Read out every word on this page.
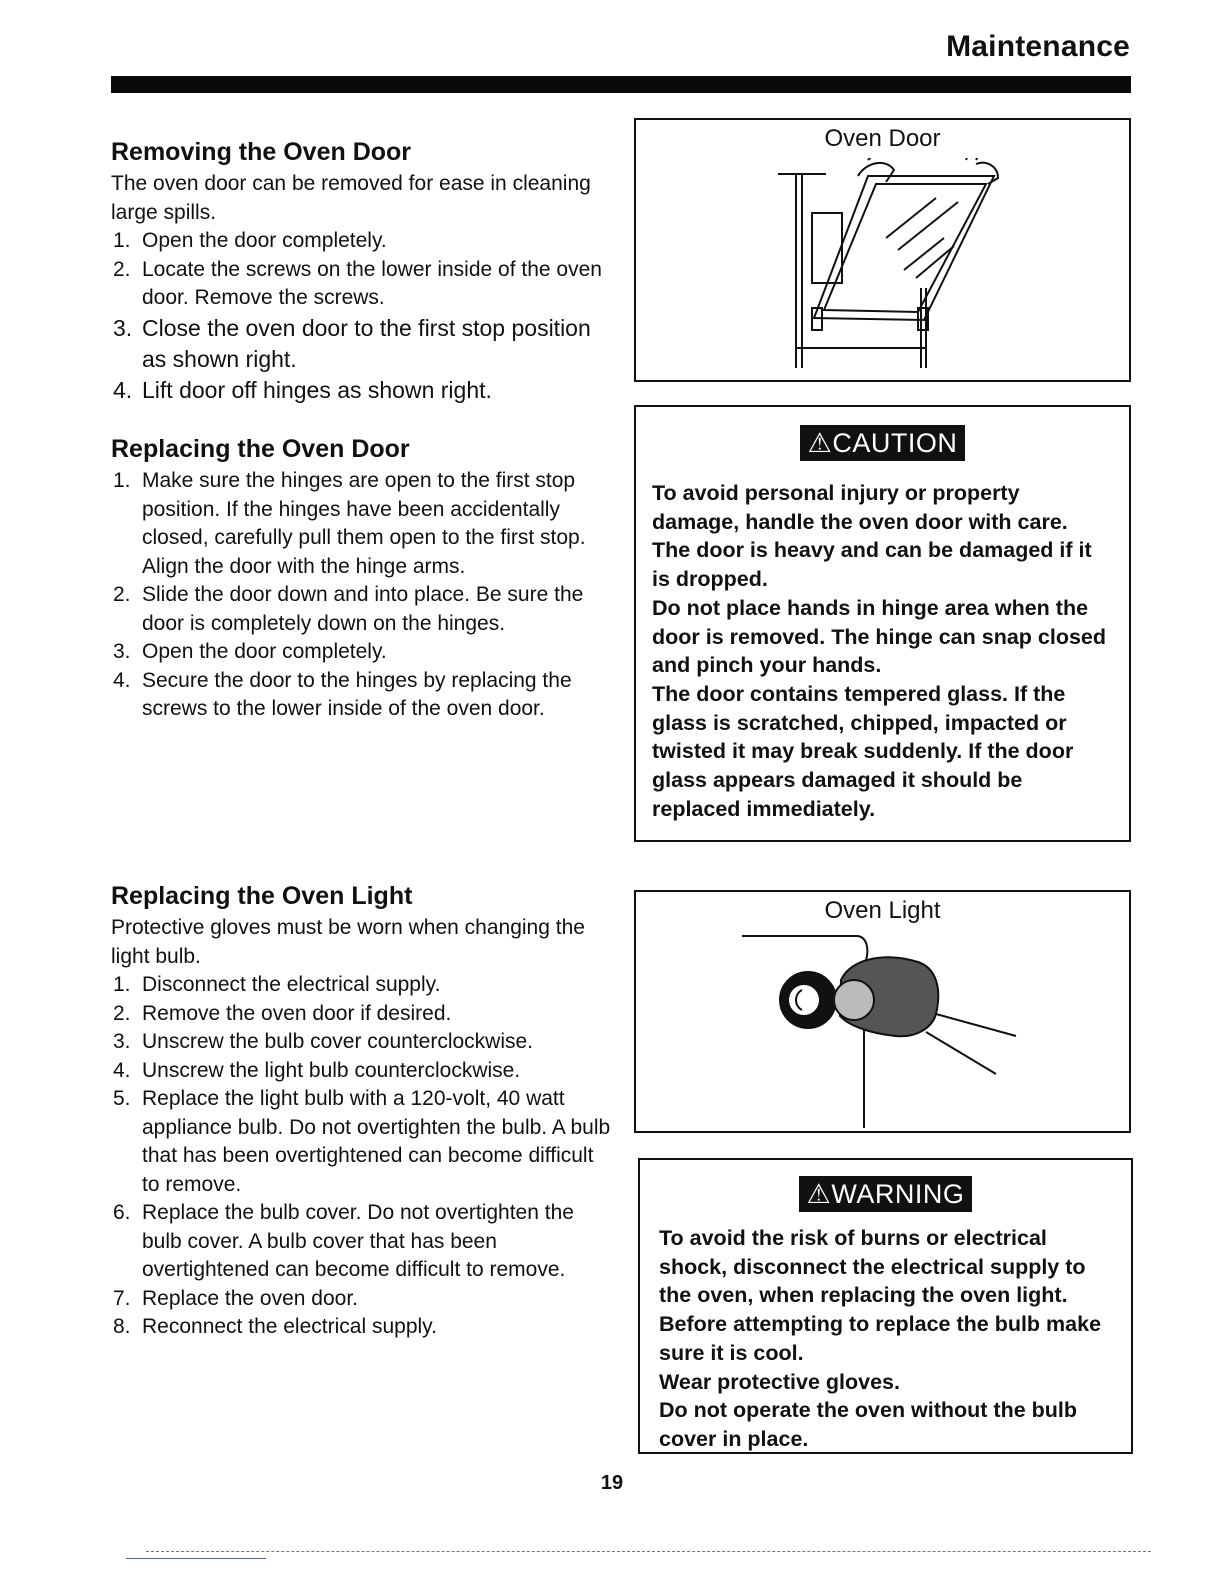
Maintenance
Removing the Oven Door

The oven door can be removed for ease in cleaning large spills.

1. Open the door completely.
2. Locate the screws on the lower inside of the oven door. Remove the screws.
3. Close the oven door to the first stop position as shown right.
4. Lift door off hinges as shown right.
Replacing the Oven Door
1. Make sure the hinges are open to the first stop position. If the hinges have been accidentally closed, carefully pull them open to the first stop. Align the door with the hinge arms.
2. Slide the door down and into place. Be sure the door is completely down on the hinges.
3. Open the door completely.
4. Secure the door to the hinges by replacing the screws to the lower inside of the oven door.
Replacing the Oven Light

Protective gloves must be worn when changing the light bulb.

1. Disconnect the electrical supply.
2. Remove the oven door if desired.
3. Unscrew the bulb cover counterclockwise.
4. Unscrew the light bulb counterclockwise.
5. Replace the light bulb with a 120-volt, 40 watt appliance bulb. Do not overtighten the bulb. A bulb that has been overtightened can become difficult to remove.
6. Replace the bulb cover. Do not overtighten the bulb cover. A bulb cover that has been overtightened can become difficult to remove.
7. Replace the oven door.
8. Reconnect the electrical supply.
Oven Door
⚠CAUTION

To avoid personal injury or property damage, handle the oven door with care. The door is heavy and can be damaged if it is dropped.

Do not place hands in hinge area when the door is removed. The hinge can snap closed and pinch your hands.

The door contains tempered glass. If the glass is scratched, chipped, impacted or twisted it may break suddenly. If the door glass appears damaged it should be replaced immediately.

Oven Light
⚠WARNING

To avoid the risk of burns or electrical shock, disconnect the electrical supply to the oven, when replacing the oven light. Before attempting to replace the bulb make sure it is cool.

Wear protective gloves.

Do not operate the oven without the bulb cover in place.

19
